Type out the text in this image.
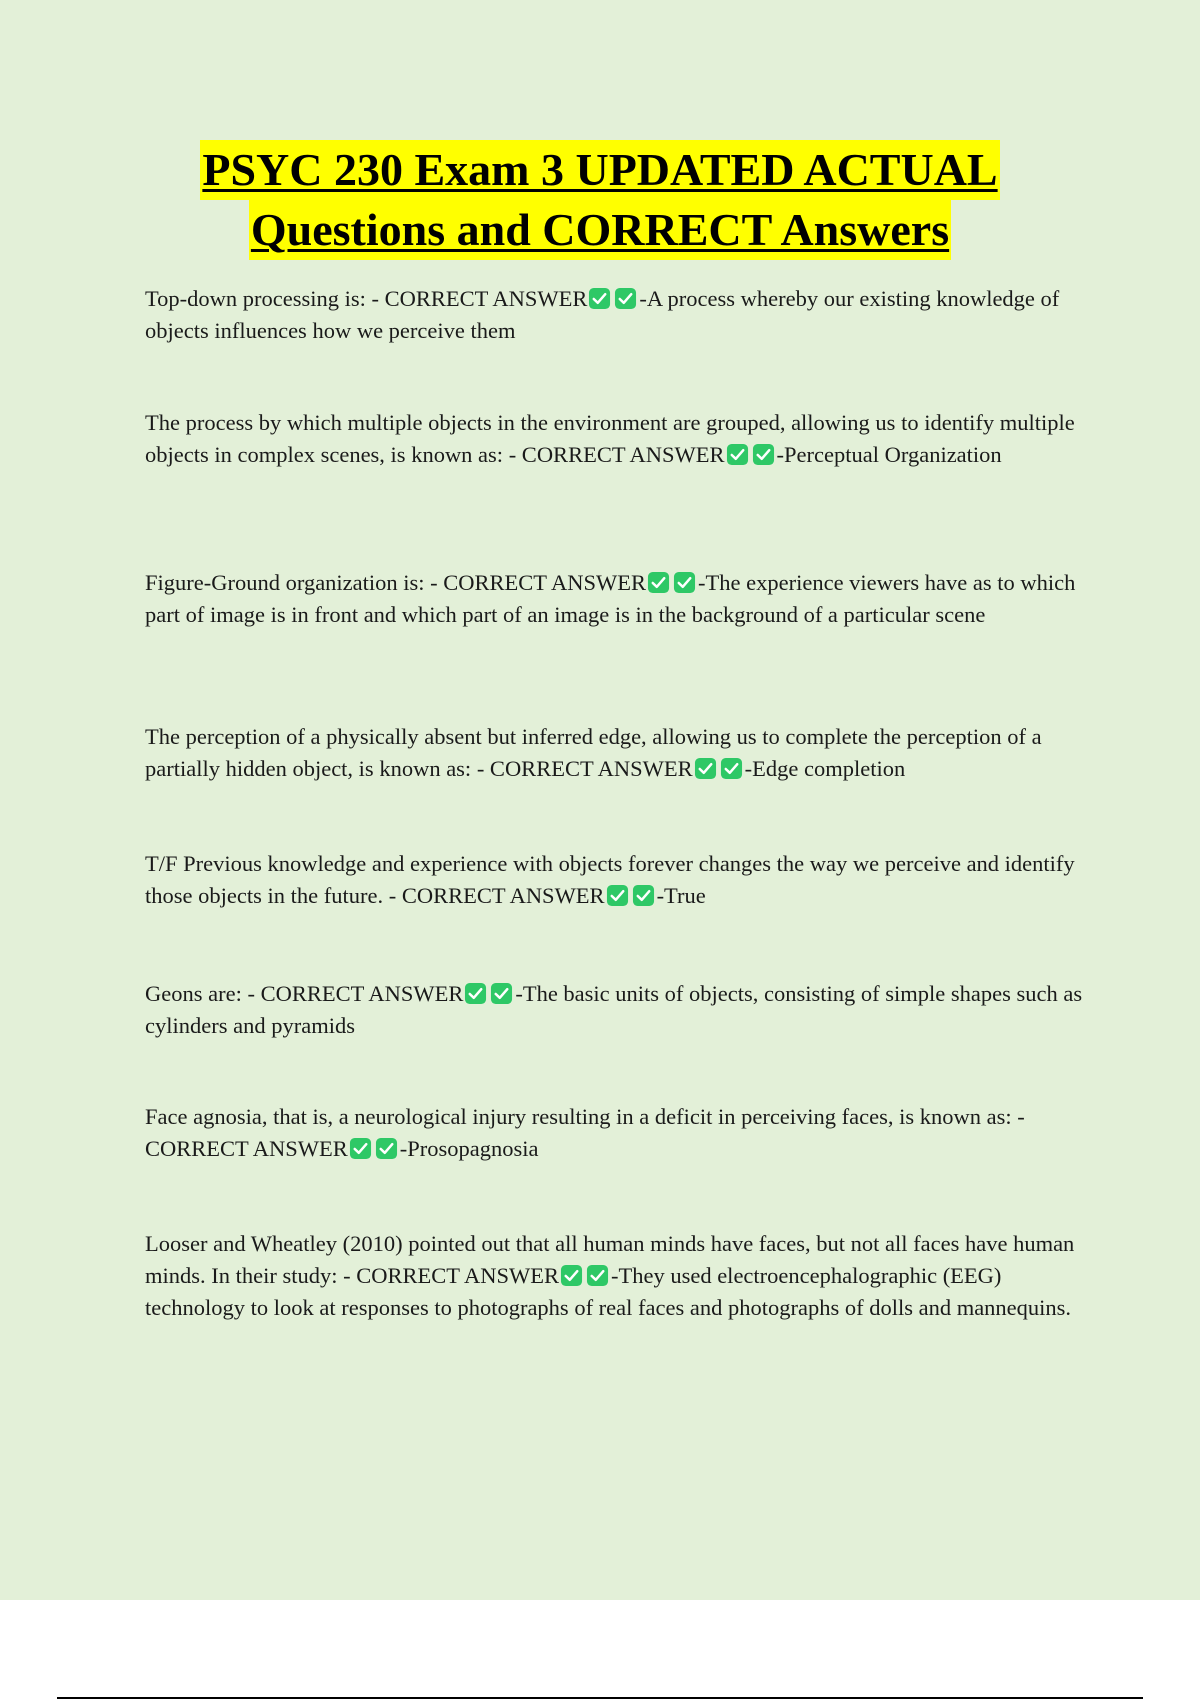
PSYC 230 Exam 3 UPDATED ACTUAL
Questions and CORRECT Answers

Top-down processing is: - CORRECT ANSWER -A process whereby our existing knowledge of objects influences how we perceive them

The process by which multiple objects in the environment are grouped, allowing us to identify multiple objects in complex scenes, is known as: - CORRECT ANSWER -Perceptual Organization

Figure-Ground organization is: - CORRECT ANSWER -The experience viewers have as to which part of image is in front and which part of an image is in the background of a particular scene

The perception of a physically absent but inferred edge, allowing us to complete the perception of a partially hidden object, is known as: - CORRECT ANSWER -Edge completion

T/F Previous knowledge and experience with objects forever changes the way we perceive and identify those objects in the future. - CORRECT ANSWER -True

Geons are: - CORRECT ANSWER -The basic units of objects, consisting of simple shapes such as cylinders and pyramids

Face agnosia, that is, a neurological injury resulting in a deficit in perceiving faces, is known as: - CORRECT ANSWER -Prosopagnosia

Looser and Wheatley (2010) pointed out that all human minds have faces, but not all faces have human minds. In their study: - CORRECT ANSWER -They used electroencephalographic (EEG) technology to look at responses to photographs of real faces and photographs of dolls and mannequins.
